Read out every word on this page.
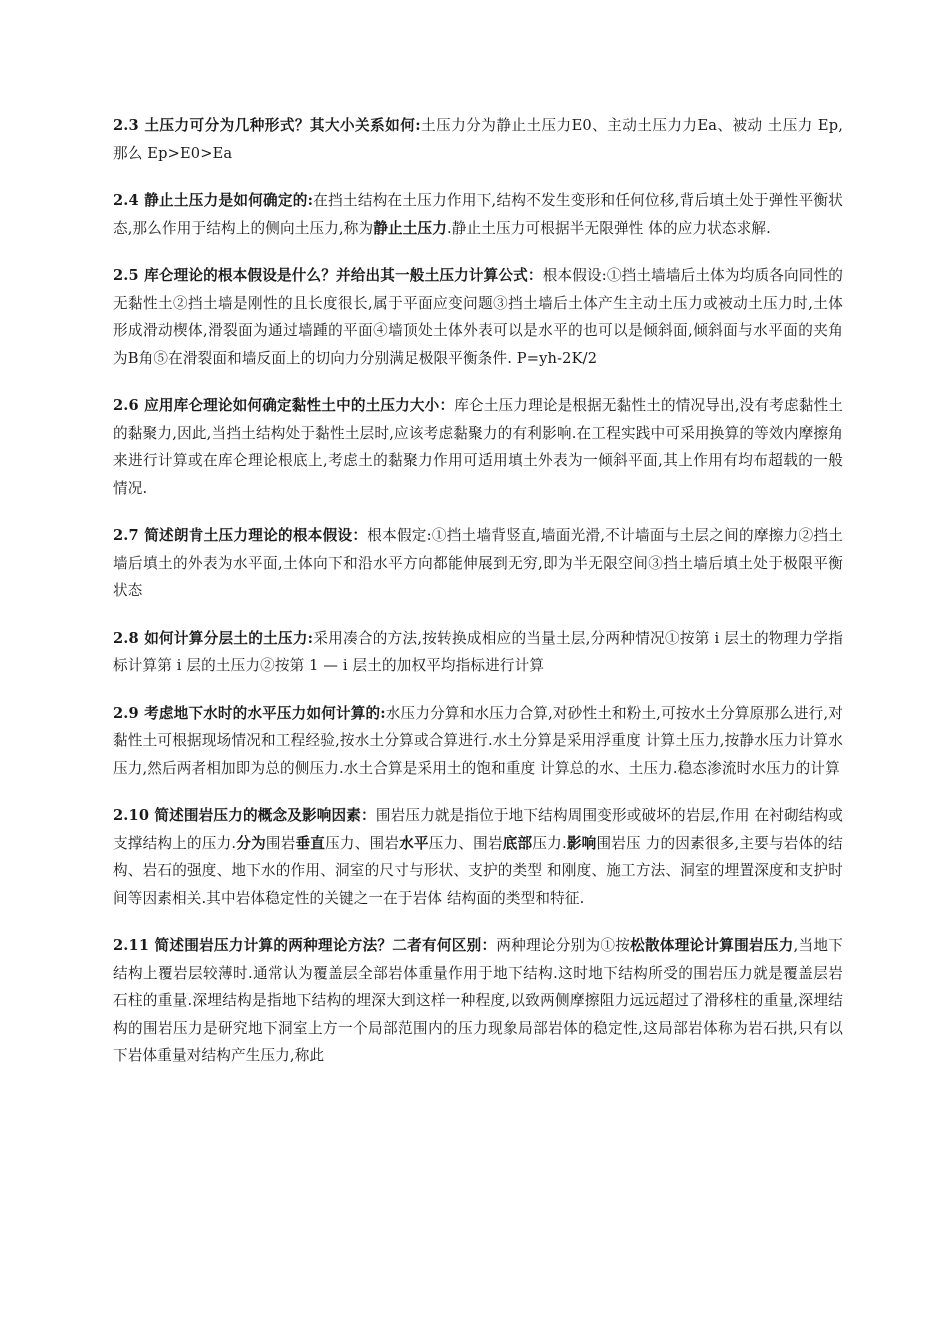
2.3 土压力可分为几种形式？其大小关系如何:土压力分为静止土压力E0、主动土压力力Ea、被动 土压力 Ep,那么 Ep>E0>Ea

2.4 静止土压力是如何确定的:在挡土结构在土压力作用下,结构不发生变形和任何位移,背后填土处于弹性平衡状态,那么作用于结构上的侧向土压力,称为静止土压力.静止土压力可根据半无限弹性 体的应力状态求解.

2.5 库仑理论的根本假设是什么？并给出其一般土压力计算公式：根本假设:①挡土墙墙后土体为均质各向同性的无黏性土②挡土墙是刚性的且长度很长,属于平面应变问题③挡土墙后土体产生主动土压力或被动土压力时,土体形成滑动楔体,滑裂面为通过墙踵的平面④墙顶处土体外表可以是水平的也可以是倾斜面,倾斜面与水平面的夹角为B角⑤在滑裂面和墙反面上的切向力分别满足极限平衡条件. P=yh-2K/2

2.6 应用库仑理论如何确定黏性土中的土压力大小：库仑土压力理论是根据无黏性土的情况导出,没有考虑黏性土的黏聚力,因此,当挡土结构处于黏性土层时,应该考虑黏聚力的有利影响.在工程实践中可采用换算的等效内摩擦角来进行计算或在库仑理论根底上,考虑土的黏聚力作用可适用填土外表为一倾斜平面,其上作用有均布超载的一般情况.

2.7 简述朗肯土压力理论的根本假设：根本假定:①挡土墙背竖直,墙面光滑,不计墙面与土层之间的摩擦力②挡土墙后填土的外表为水平面,土体向下和沿水平方向都能伸展到无穷,即为半无限空间③挡土墙后填土处于极限平衡状态

2.8 如何计算分层土的土压力:采用凑合的方法,按转换成相应的当量土层,分两种情况①按第 i 层土的物理力学指标计算第 i 层的土压力②按第 1 — i 层土的加权平均指标进行计算

2.9 考虑地下水时的水平压力如何计算的:水压力分算和水压力合算,对砂性土和粉土,可按水土分算原那么进行,对黏性土可根据现场情况和工程经验,按水土分算或合算进行.水土分算是采用浮重度 计算土压力,按静水压力计算水压力,然后两者相加即为总的侧压力.水土合算是采用土的饱和重度 计算总的水、土压力.稳态渗流时水压力的计算

2.10 简述围岩压力的概念及影响因素：围岩压力就是指位于地下结构周围变形或破坏的岩层,作用 在衬砌结构或支撑结构上的压力.分为围岩垂直压力、围岩水平压力、围岩底部压力.影响围岩压 力的因素很多,主要与岩体的结构、岩石的强度、地下水的作用、洞室的尺寸与形状、支护的类型 和刚度、施工方法、洞室的埋置深度和支护时间等因素相关.其中岩体稳定性的关键之一在于岩体 结构面的类型和特征.

2.11 简述围岩压力计算的两种理论方法？二者有何区别：两种理论分别为①按松散体理论计算围岩压力,当地下结构上覆岩层较薄时.通常认为覆盖层全部岩体重量作用于地下结构.这时地下结构所受的围岩压力就是覆盖层岩石柱的重量.深埋结构是指地下结构的埋深大到这样一种程度,以致两侧摩擦阻力远远超过了滑移柱的重量,深埋结构的围岩压力是研究地下洞室上方一个局部范围内的压力现象局部岩体的稳定性,这局部岩体称为岩石拱,只有以下岩体重量对结构产生压力,称此
